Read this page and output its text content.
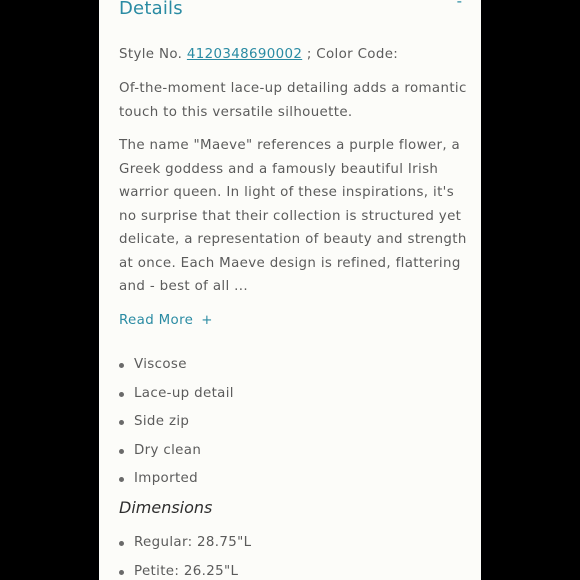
Details	-
Style No. 4120348690002 ; Color Code:

Of-the-moment lace-up detailing adds a romantic touch to this versatile silhouette.

The name "Maeve" references a purple flower, a Greek goddess and a famously beautiful Irish warrior queen. In light of these inspirations, it's no surprise that their collection is structured yet delicate, a representation of beauty and strength at once. Each Maeve design is refined, flattering and - best of all ...

Read More +
Viscose
Lace-up detail
Side zip
Dry clean
Imported
Dimensions
Regular: 28.75"L
Petite: 26.25"L
